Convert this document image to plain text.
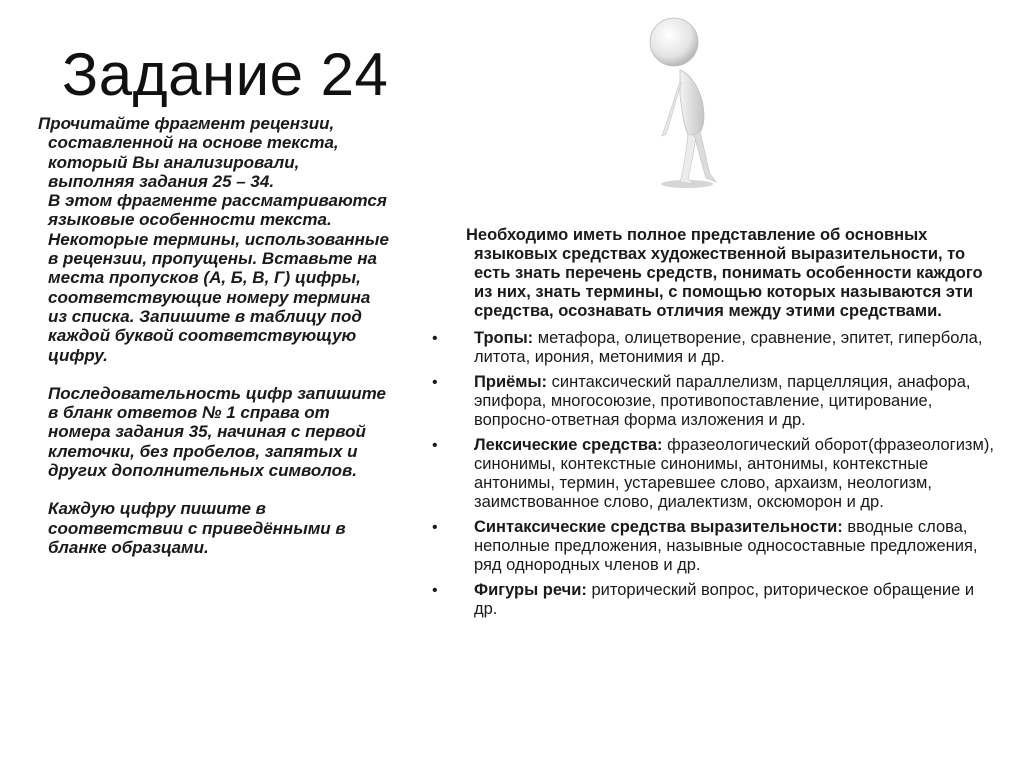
Задание 24

Прочитайте фрагмент рецензии, составленной на основе текста, который Вы анализировали, выполняя задания 25 – 34.

В этом фрагменте рассматриваются языковые особенности текста. Некоторые термины, использованные в рецензии, пропущены. Вставьте на места пропусков (А, Б, В, Г) цифры, соответствующие номеру термина из списка. Запишите в таблицу под каждой буквой соответствующую цифру.

Последовательность цифр запишите в бланк ответов № 1 справа от номера задания 35, начиная с первой клеточки, без пробелов, запятых и других дополнительных символов.

Каждую цифру пишите в соответствии с приведёнными в бланке образцами.

Необходимо иметь полное представление об основных языковых средствах художественной выразительности, то есть знать перечень средств, понимать особенности каждого из них, знать термины, с помощью которых называются эти средства, осознавать отличия между этими средствами.

• Тропы: метафора, олицетворение, сравнение, эпитет, гипербола, литота, ирония, метонимия и др.
• Приёмы: синтаксический параллелизм, парцелляция, анафора, эпифора, многосоюзие, противопоставление, цитирование, вопросно-ответная форма изложения и др.
• Лексические средства: фразеологический оборот(фразеологизм), синонимы, контекстные синонимы, антонимы, контекстные антонимы, термин, устаревшее слово, архаизм, неологизм, заимствованное слово, диалектизм, оксюморон и др.
• Синтаксические средства выразительности: вводные слова, неполные предложения, назывные односоставные предложения, ряд однородных членов и др.
• Фигуры речи: риторический вопрос, риторическое обращение и др.
